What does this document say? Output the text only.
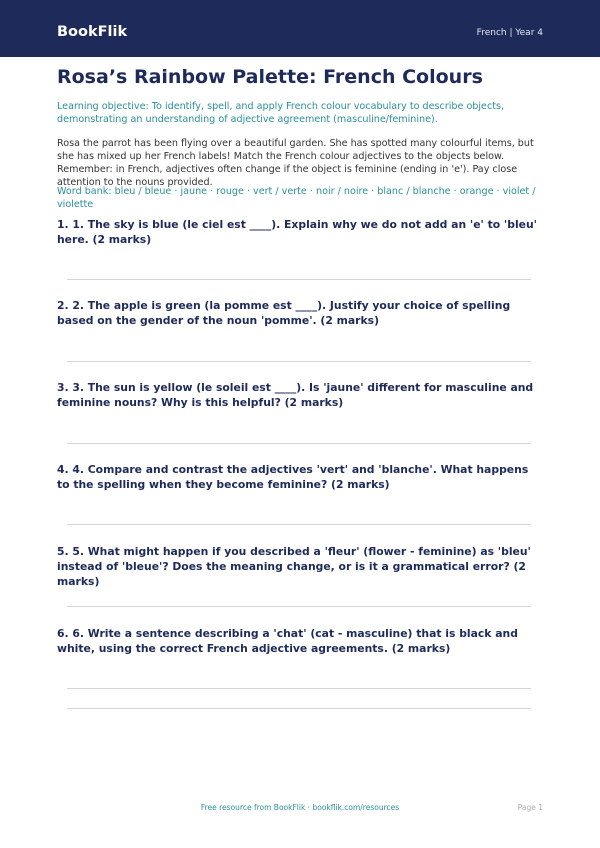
BookFlik	French | Year 4
Rosa’s Rainbow Palette: French Colours
Learning objective: To identify, spell, and apply French colour vocabulary to describe objects, demonstrating an understanding of adjective agreement (masculine/feminine).
Rosa the parrot has been flying over a beautiful garden. She has spotted many colourful items, but she has mixed up her French labels! Match the French colour adjectives to the objects below. Remember: in French, adjectives often change if the object is feminine (ending in 'e'). Pay close attention to the nouns provided.
Word bank: bleu / bleue · jaune · rouge · vert / verte · noir / noire · blanc / blanche · orange · violet / violette
1. 1. The sky is blue (le ciel est ____). Explain why we do not add an 'e' to 'bleu' here. (2 marks)
2. 2. The apple is green (la pomme est ____). Justify your choice of spelling based on the gender of the noun 'pomme'. (2 marks)
3. 3. The sun is yellow (le soleil est ____). Is 'jaune' different for masculine and feminine nouns? Why is this helpful? (2 marks)
4. 4. Compare and contrast the adjectives 'vert' and 'blanche'. What happens to the spelling when they become feminine? (2 marks)
5. 5. What might happen if you described a 'fleur' (flower - feminine) as 'bleu' instead of 'bleue'? Does the meaning change, or is it a grammatical error? (2 marks)
6. 6. Write a sentence describing a 'chat' (cat - masculine) that is black and white, using the correct French adjective agreements. (2 marks)
Free resource from BookFlik · bookflik.com/resources	Page 1
